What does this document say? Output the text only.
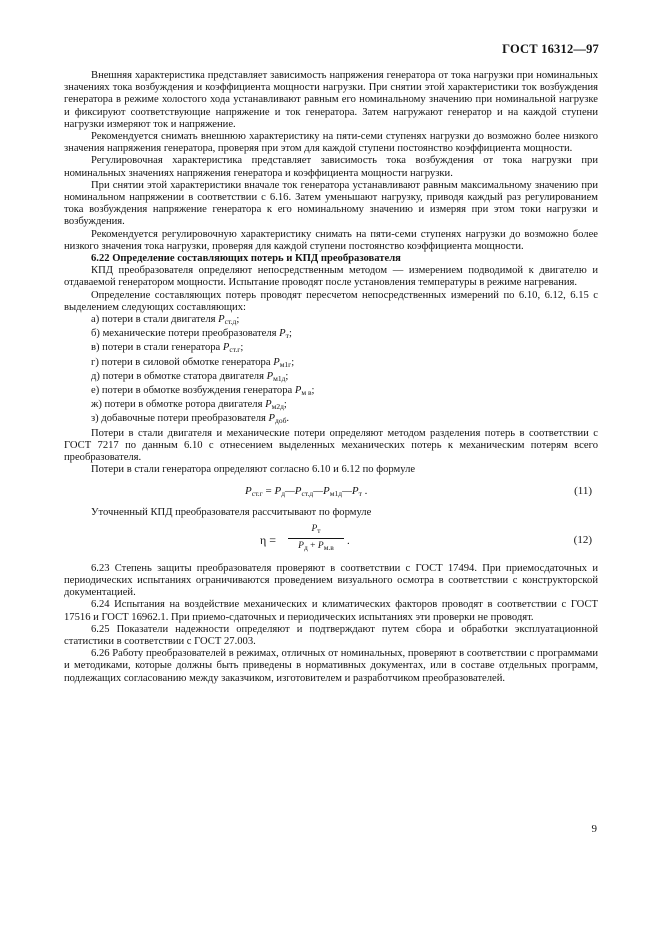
ГОСТ 16312—97

Внешняя характеристика представляет зависимость напряжения генератора от тока нагрузки при номинальных значениях тока возбуждения и коэффициента мощности нагрузки. При снятии этой характеристики ток возбуждения генератора в режиме холостого хода устанавливают равным его номинальному значению при номинальной нагрузке и фиксируют соответствующие напряжение и ток генератора. Затем нагружают генератор и на каждой ступени нагрузки измеряют ток и напряжение.

Рекомендуется снимать внешнюю характеристику на пяти-семи ступенях нагрузки до возможно более низкого значения напряжения генератора, проверяя при этом для каждой ступени постоянство коэффициента мощности.

Регулировочная характеристика представляет зависимость тока возбуждения от тока нагрузки при номинальных значениях напряжения генератора и коэффициента мощности нагрузки.

При снятии этой характеристики вначале ток генератора устанавливают равным максимальному значению при номинальном напряжении в соответствии с 6.16. Затем уменьшают нагрузку, приводя каждый раз регулированием тока возбуждения напряжение генератора к его номинальному значению и измеряя при этом токи нагрузки и возбуждения.

Рекомендуется регулировочную характеристику снимать на пяти-семи ступенях нагрузки до возможно более низкого значения тока нагрузки, проверяя для каждой ступени постоянство коэффициента мощности.

6.22 Определение составляющих потерь и КПД преобразователя

КПД преобразователя определяют непосредственным методом — измерением подводимой к двигателю и отдаваемой генератором мощности. Испытание проводят после установления температуры в режиме нагревания.

Определение составляющих потерь проводят пересчетом непосредственных измерений по 6.10, 6.12, 6.15 с выделением следующих составляющих:

а) потери в стали двигателя $P_{ст.д}$;

б) механические потери преобразователя $P_т$;

в) потери в стали генератора $P_{ст.г}$;

г) потери в силовой обмотке генератора $P_{м1г}$;

д) потери в обмотке статора двигателя $P_{м1д}$;

е) потери в обмотке возбуждения генератора $P_{м в}$;

ж) потери в обмотке ротора двигателя $P_{м2д}$;

з) добавочные потери преобразователя $P_{доб}$.

Потери в стали двигателя и механические потери определяют методом разделения потерь в соответствии с ГОСТ 7217 по данным 6.10 с отнесением выделенных механических потерь к механическим потерям всего преобразователя.

Потери в стали генератора определяют согласно 6.10 и 6.12 по формуле

$P_{ст.г}$ = $P_д—P_{ст.д}—P_{м1д}—P_т$ .	(11)

Уточненный КПД преобразователя рассчитывают по формуле

η =
$P_т$
$P_д + P_{м.в}$
.	(12)

6.23 Степень защиты преобразователя проверяют в соответствии с ГОСТ 17494. При приемосдаточных и периодических испытаниях ограничиваются проведением визуального осмотра в соответствии с конструкторской документацией.

6.24 Испытания на воздействие механических и климатических факторов проводят в соответствии с ГОСТ 17516 и ГОСТ 16962.1. При приемо-сдаточных и периодических испытаниях эти проверки не проводят.

6.25 Показатели надежности определяют и подтверждают путем сбора и обработки эксплуатационной статистики в соответствии с ГОСТ 27.003.

6.26 Работу преобразователей в режимах, отличных от номинальных, проверяют в соответствии с программами и методиками, которые должны быть приведены в нормативных документах, или в составе отдельных программ, подлежащих согласованию между заказчиком, изготовителем и разработчиком преобразователей.

9
